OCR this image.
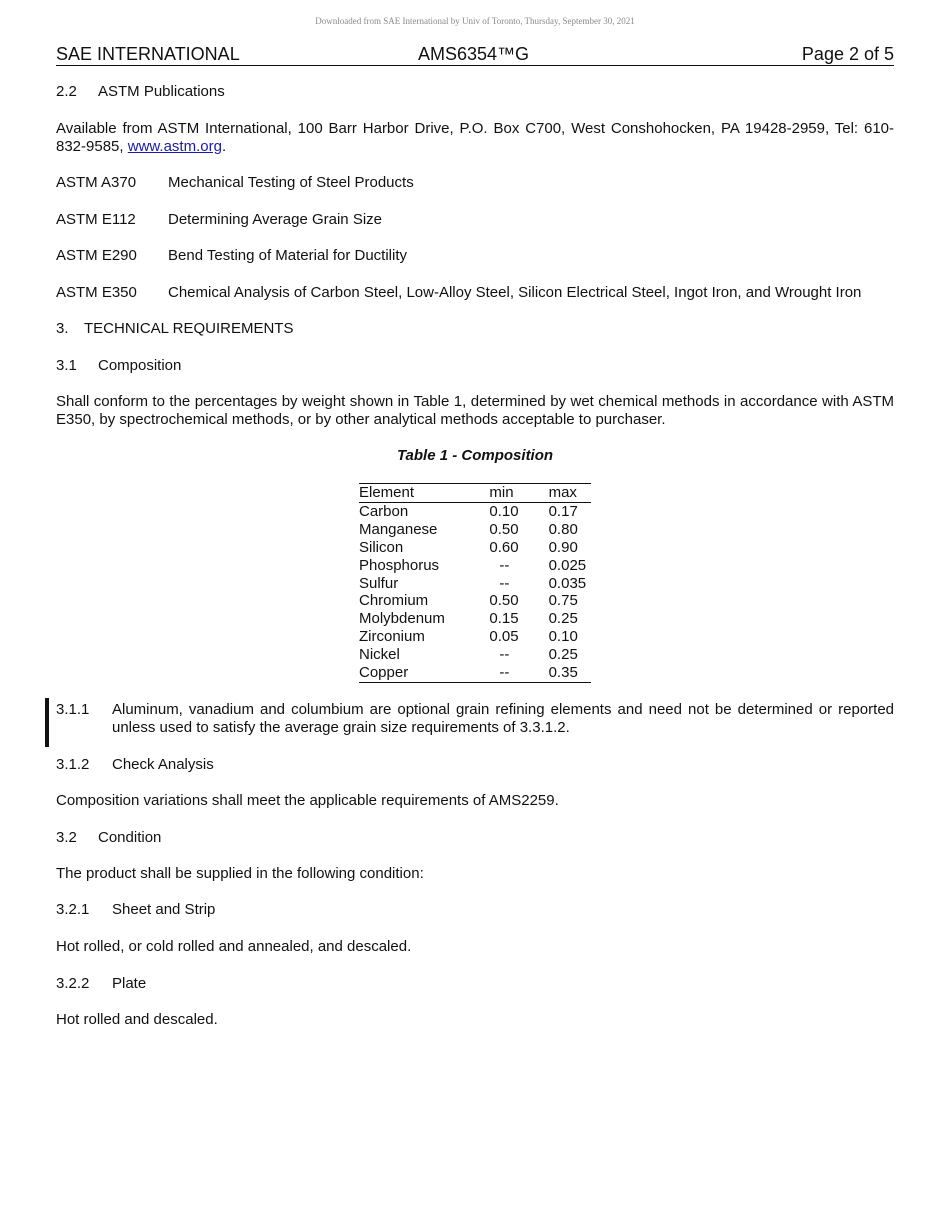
Downloaded from SAE International by Univ of Toronto, Thursday, September 30, 2021
SAE INTERNATIONAL	AMS6354™G	Page 2 of 5
2.2 ASTM Publications
Available from ASTM International, 100 Barr Harbor Drive, P.O. Box C700, West Conshohocken, PA 19428-2959, Tel: 610-832-9585, www.astm.org.
ASTM A370 Mechanical Testing of Steel Products
ASTM E112 Determining Average Grain Size
ASTM E290 Bend Testing of Material for Ductility
ASTM E350 Chemical Analysis of Carbon Steel, Low-Alloy Steel, Silicon Electrical Steel, Ingot Iron, and Wrought Iron
3. TECHNICAL REQUIREMENTS
3.1 Composition
Shall conform to the percentages by weight shown in Table 1, determined by wet chemical methods in accordance with ASTM E350, by spectrochemical methods, or by other analytical methods acceptable to purchaser.
Table 1 - Composition
Element	min	max
Carbon	0.10	0.17
Manganese	0.50	0.80
Silicon	0.60	0.90
Phosphorus	--	0.025
Sulfur	--	0.035
Chromium	0.50	0.75
Molybdenum	0.15	0.25
Zirconium	0.05	0.10
Nickel	--	0.25
Copper	--	0.35
3.1.1 Aluminum, vanadium and columbium are optional grain refining elements and need not be determined or reported unless used to satisfy the average grain size requirements of 3.3.1.2.
3.1.2 Check Analysis
Composition variations shall meet the applicable requirements of AMS2259.
3.2 Condition
The product shall be supplied in the following condition:
3.2.1 Sheet and Strip
Hot rolled, or cold rolled and annealed, and descaled.
3.2.2 Plate
Hot rolled and descaled.
